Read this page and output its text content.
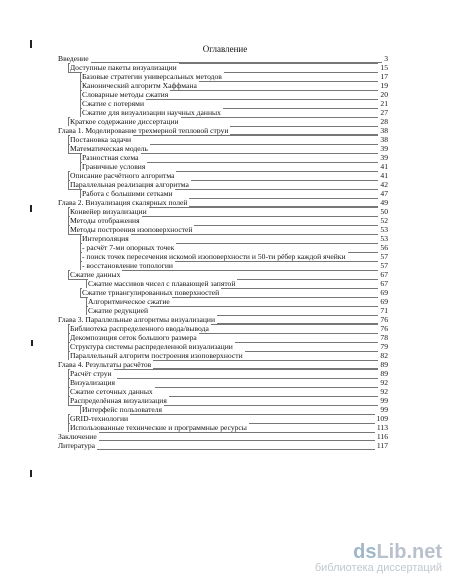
Оглавление
Введение	3
Доступные пакеты визуализации	15
Базовые стратегии универсальных методов	17
Канонический алгоритм Хаффмана	19
Словарные методы сжатия	20
Сжатие с потерями	21
Сжатие для визуализации научных данных	27
Краткое содержание диссертации	28
Глава 1. Моделирование трехмерной тепловой струи	38
Постановка задачи	38
Математическая модель	39
Разностная схема	39
Граничные условия	41
Описание расчётного алгоритма	41
Параллельная реализация алгоритма	42
Работа с большими сетками	47
Глава 2. Визуализация скалярных полей	49
Конвейер визуализации	50
Методы отображения	52
Методы построения изоповерхностей	53
Интерполяция	53
- расчёт 7-ми опорных точек	56
- поиск точек пересечения искомой изоповерхности и 50-ти рёбер каждой ячейки	57
- восстановление топологии	57
Сжатие данных	67
Сжатие массивов чисел с плавающей запятой	67
Сжатие триангулированных поверхностей	69
Алгоритмическое сжатие	69
Сжатие редукцией	71
Глава 3. Параллельные алгоритмы визуализации	76
Библиотека распределенного ввода/вывода	76
Декомпозиция сеток большого размера	78
Структура системы распределенной визуализации	79
Параллельный алгоритм построения изоповерхности	82
Глава 4. Результаты расчётов	89
Расчёт струи	89
Визуализация	92
Сжатие сеточных данных	92
Распределённая визуализация	99
Интерфейс пользователя	99
GRID-технологии	109
Использованные технические и программные ресурсы	113
Заключение	116
Литература	117
dsLib.net
библиотека диссертаций
